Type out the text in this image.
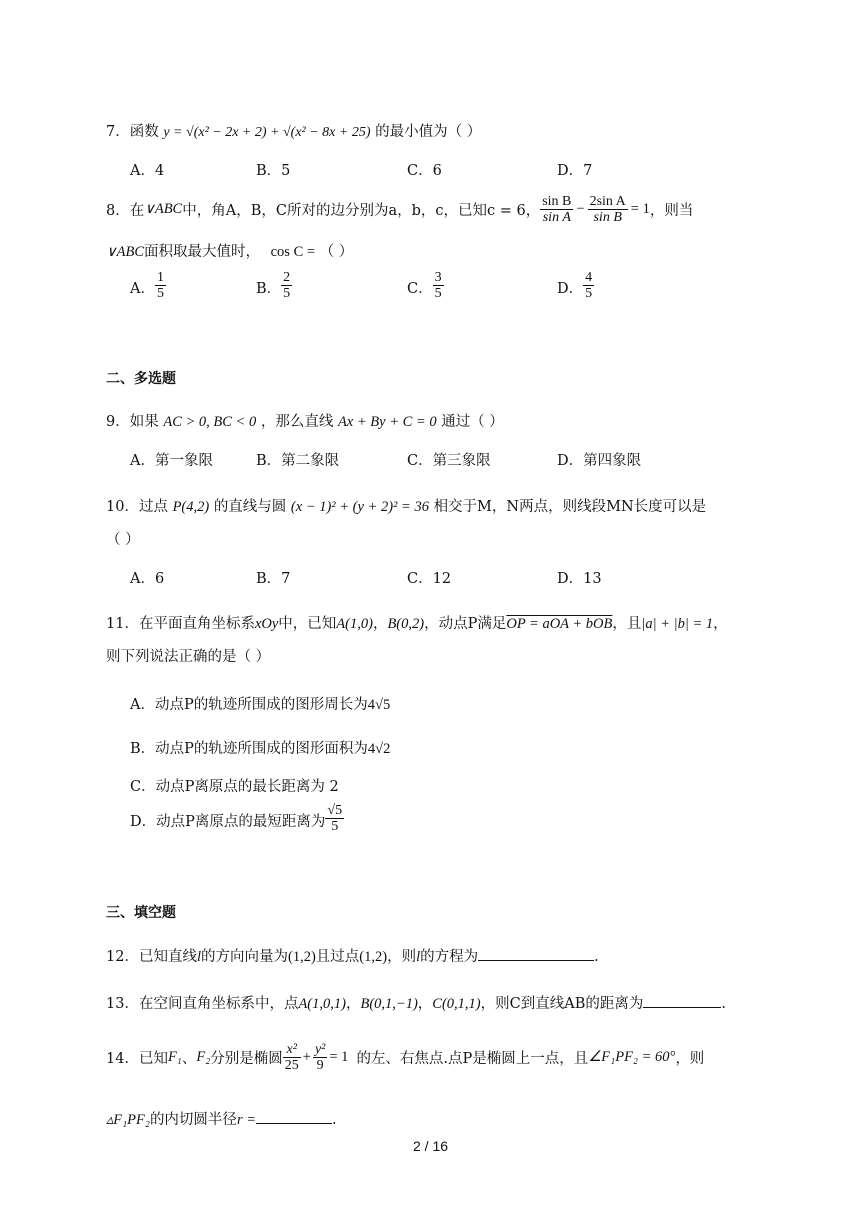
7．函数 y = √(x² − 2x + 2) + √(x² − 8x + 25) 的最小值为（ ）
A．4	B．5	C．6	D．7
8．在 ∨ABC 中，角A，B，C所对的边分别为a，b，c，已知c = 6， $\frac{\text{sin B}}{\text{sin A}} - \frac{\text{2sin A}}{\text{sin B}} = 1$ ，则当
∨ABC面积取最大值时， cos C = （ ）
A． $\frac{1}{5}$	B． $\frac{2}{5}$	C． $\frac{3}{5}$	D． $\frac{4}{5}$
二、多选题
9．如果 AC > 0, BC < 0 ，那么直线 Ax + By + C = 0 通过（ ）
A．第一象限	B．第二象限	C．第三象限	D．第四象限
10．过点 P(4,2) 的直线与圆 (x − 1)² + (y + 2)² = 36 相交于M，N两点，则线段MN长度可以是
（ ）
A．6	B．7	C．12	D．13
11．在平面直角坐标系xOy中，已知A(1,0)，B(0,2)，动点P满足OP = aOA + bOB，且|a| + |b| = 1，
则下列说法正确的是（ ）
A．动点P的轨迹所围成的图形周长为4√5
B．动点P的轨迹所围成的图形面积为4√2
C．动点P离原点的最长距离为 2
D．动点P离原点的最短距离为 $\frac{√5}{5}$
三、填空题
12．已知直线l的方向向量为(1,2)且过点(1,2)，则l的方程为	.
13．在空间直角坐标系中，点A(1,0,1)，B(0,1,−1)，C(0,1,1)，则C到直线AB的距离为	.
14．已知 F₁ 、 F₂ 分别是椭圆 $\frac{\text{x²}}{25} + \frac{\text{y²}}{9} = 1$ 的左、右焦点.点P是椭圆上一点，且 ∠F₁PF₂ = 60° ，则
▵F₁PF₂的内切圆半径r =	.
2 / 16
